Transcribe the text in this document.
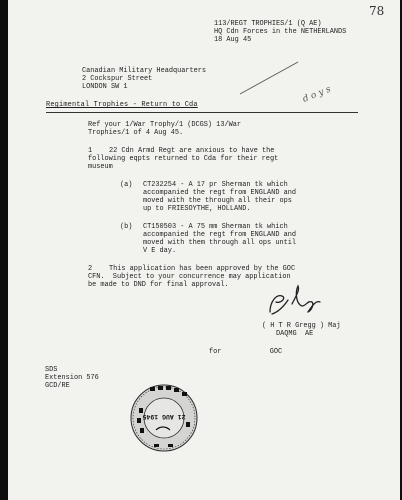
78
113/REGT TROPHIES/1 (Q AE)
HQ Cdn Forces in the NETHERLANDS
18 Aug 45
Canadian Military Headquarters
2 Cockspur Street
LONDON SW 1
Regimental Trophies - Return to Cda
Ref your 1/War Trophy/1 (DCGS) 13/War
Trophies/1 of 4 Aug 45.
1 22 Cdn Armd Regt are anxious to have the
following eqpts returned to Cda for their regt
museum
(a) CT232254 - A 17 pr Sherman tk which
accompanied the regt from ENGLAND and
moved with the through all their ops
up to FRIESOYTHE, HOLLAND.
(b) CT150503 - A 75 mm Sherman tk which
accompanied the regt from ENGLAND and
moved with them through all ops until
V E day.
2 This application has been approved by the GOC
CFN.  Subject to your concurrence may application
be made to DND for final approval.
( H T R Gregg ) Maj
DAQMG  AE
for	GOC
SDS
Extension 576
GCD/RE
d o y s
21 AUG 1945
